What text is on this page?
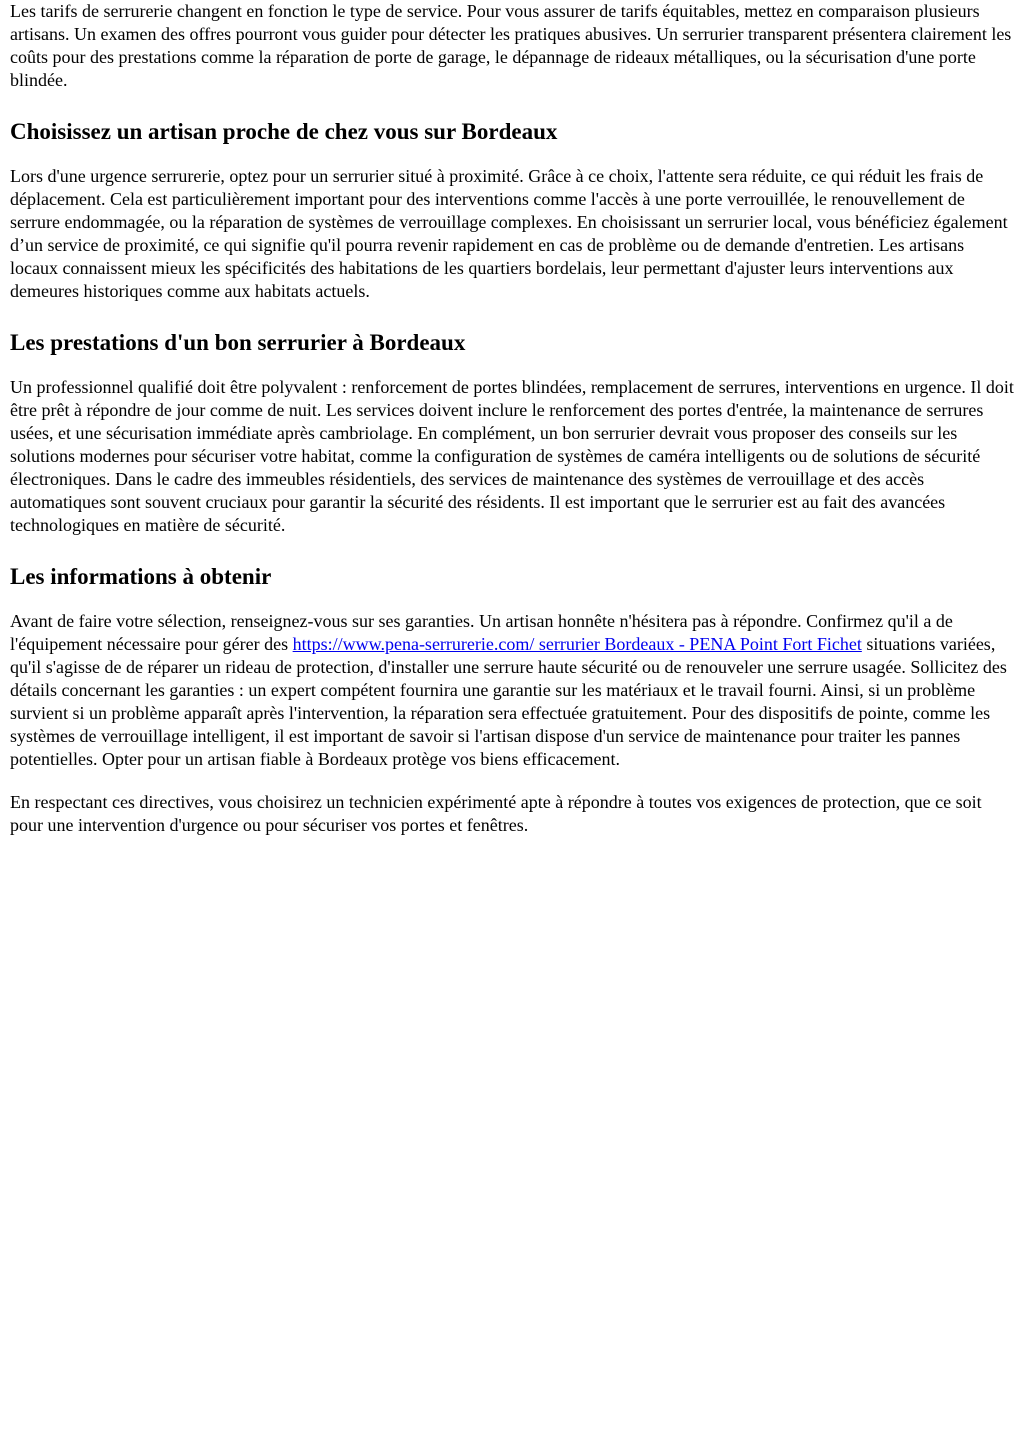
Les tarifs de serrurerie changent en fonction le type de service. Pour vous assurer de tarifs équitables, mettez en comparaison plusieurs artisans. Un examen des offres pourront vous guider pour détecter les pratiques abusives. Un serrurier transparent présentera clairement les coûts pour des prestations comme la réparation de porte de garage, le dépannage de rideaux métalliques, ou la sécurisation d'une porte blindée.

Choisissez un artisan proche de chez vous sur Bordeaux

Lors d'une urgence serrurerie, optez pour un serrurier situé à proximité. Grâce à ce choix, l'attente sera réduite, ce qui réduit les frais de déplacement. Cela est particulièrement important pour des interventions comme l'accès à une porte verrouillée, le renouvellement de serrure endommagée, ou la réparation de systèmes de verrouillage complexes. En choisissant un serrurier local, vous bénéficiez également d’un service de proximité, ce qui signifie qu'il pourra revenir rapidement en cas de problème ou de demande d'entretien. Les artisans locaux connaissent mieux les spécificités des habitations de les quartiers bordelais, leur permettant d'ajuster leurs interventions aux demeures historiques comme aux habitats actuels.

Les prestations d'un bon serrurier à Bordeaux

Un professionnel qualifié doit être polyvalent : renforcement de portes blindées, remplacement de serrures, interventions en urgence. Il doit être prêt à répondre de jour comme de nuit. Les services doivent inclure le renforcement des portes d'entrée, la maintenance de serrures usées, et une sécurisation immédiate après cambriolage. En complément, un bon serrurier devrait vous proposer des conseils sur les solutions modernes pour sécuriser votre habitat, comme la configuration de systèmes de caméra intelligents ou de solutions de sécurité électroniques. Dans le cadre des immeubles résidentiels, des services de maintenance des systèmes de verrouillage et des accès automatiques sont souvent cruciaux pour garantir la sécurité des résidents. Il est important que le serrurier est au fait des avancées technologiques en matière de sécurité.

Les informations à obtenir

Avant de faire votre sélection, renseignez-vous sur ses garanties. Un artisan honnête n'hésitera pas à répondre. Confirmez qu'il a de l'équipement nécessaire pour gérer des https://www.pena-serrurerie.com/ serrurier Bordeaux - PENA Point Fort Fichet situations variées, qu'il s'agisse de de réparer un rideau de protection, d'installer une serrure haute sécurité ou de renouveler une serrure usagée. Sollicitez des détails concernant les garanties : un expert compétent fournira une garantie sur les matériaux et le travail fourni. Ainsi, si un problème survient si un problème apparaît après l'intervention, la réparation sera effectuée gratuitement. Pour des dispositifs de pointe, comme les systèmes de verrouillage intelligent, il est important de savoir si l'artisan dispose d'un service de maintenance pour traiter les pannes potentielles. Opter pour un artisan fiable à Bordeaux protège vos biens efficacement.

En respectant ces directives, vous choisirez un technicien expérimenté apte à répondre à toutes vos exigences de protection, que ce soit pour une intervention d'urgence ou pour sécuriser vos portes et fenêtres.
